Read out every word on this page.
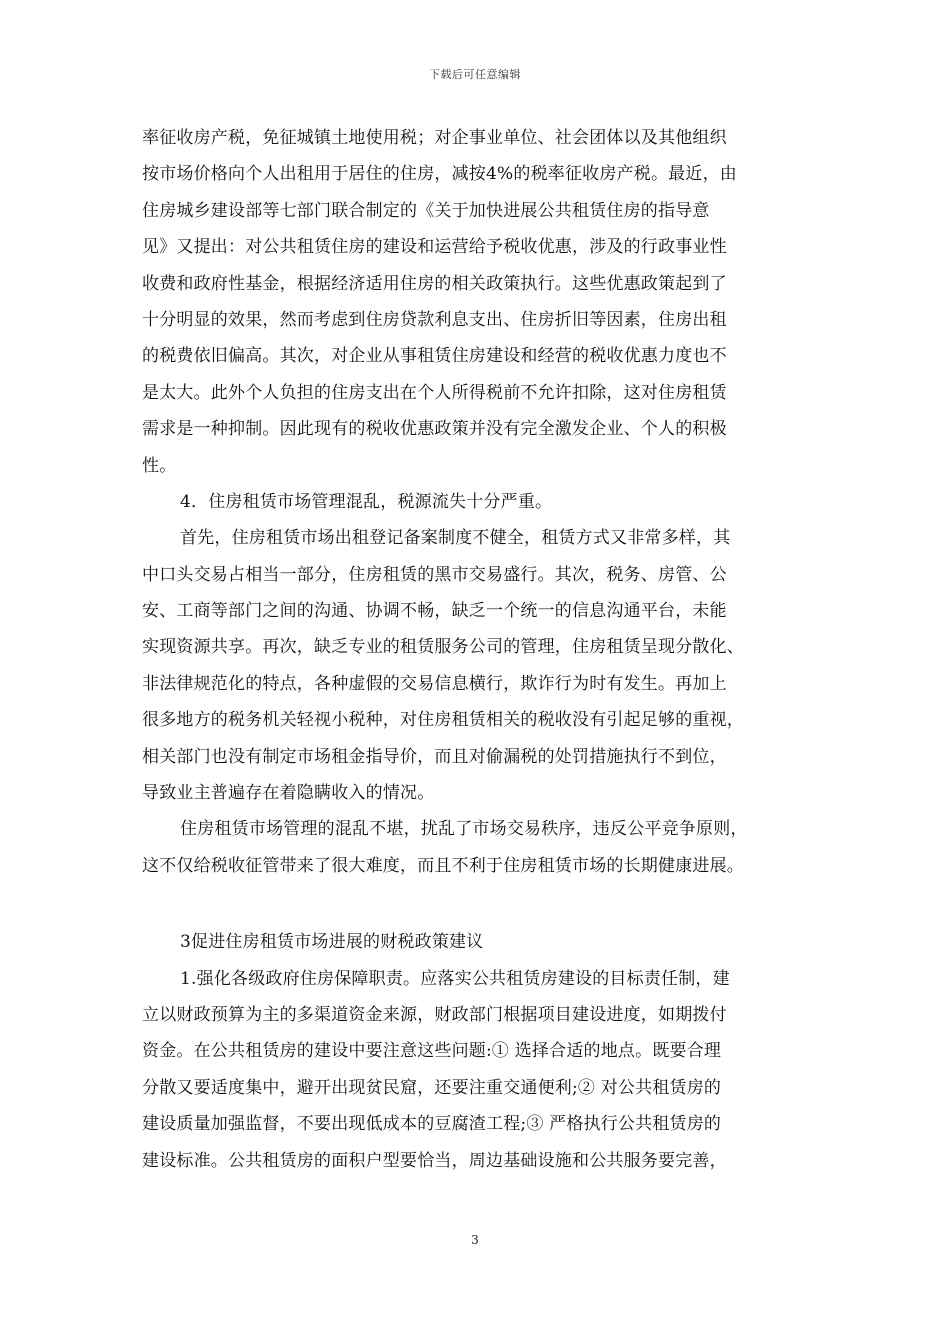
下载后可任意编辑
率征收房产税，免征城镇土地使用税；对企事业单位、社会团体以及其他组织
按市场价格向个人出租用于居住的住房，减按4%的税率征收房产税。最近，由
住房城乡建设部等七部门联合制定的《关于加快进展公共租赁住房的指导意
见》又提出：对公共租赁住房的建设和运营给予税收优惠，涉及的行政事业性
收费和政府性基金，根据经济适用住房的相关政策执行。这些优惠政策起到了
十分明显的效果，然而考虑到住房贷款利息支出、住房折旧等因素，住房出租
的税费依旧偏高。其次，对企业从事租赁住房建设和经营的税收优惠力度也不
是太大。此外个人负担的住房支出在个人所得税前不允许扣除，这对住房租赁
需求是一种抑制。因此现有的税收优惠政策并没有完全激发企业、个人的积极
性。
4．住房租赁市场管理混乱，税源流失十分严重。
首先，住房租赁市场出租登记备案制度不健全，租赁方式又非常多样，其
中口头交易占相当一部分，住房租赁的黑市交易盛行。其次，税务、房管、公
安、工商等部门之间的沟通、协调不畅，缺乏一个统一的信息沟通平台，未能
实现资源共享。再次，缺乏专业的租赁服务公司的管理，住房租赁呈现分散化、
非法律规范化的特点，各种虚假的交易信息横行，欺诈行为时有发生。再加上
很多地方的税务机关轻视小税种，对住房租赁相关的税收没有引起足够的重视，
相关部门也没有制定市场租金指导价，而且对偷漏税的处罚措施执行不到位，
导致业主普遍存在着隐瞒收入的情况。
住房租赁市场管理的混乱不堪，扰乱了市场交易秩序，违反公平竞争原则，
这不仅给税收征管带来了很大难度，而且不利于住房租赁市场的长期健康进展。
3促进住房租赁市场进展的财税政策建议
1.强化各级政府住房保障职责。应落实公共租赁房建设的目标责任制，建
立以财政预算为主的多渠道资金来源，财政部门根据项目建设进度，如期拨付
资金。在公共租赁房的建设中要注意这些问题:① 选择合适的地点。既要合理
分散又要适度集中，避开出现贫民窟，还要注重交通便利;② 对公共租赁房的
建设质量加强监督，不要出现低成本的豆腐渣工程;③ 严格执行公共租赁房的
建设标准。公共租赁房的面积户型要恰当，周边基础设施和公共服务要完善，
3
